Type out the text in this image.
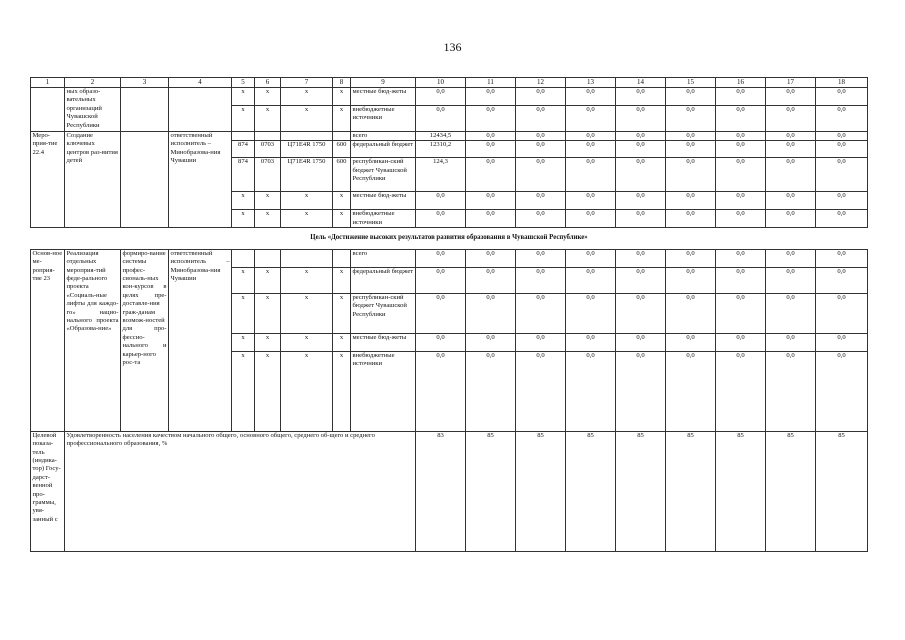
136
1	2	3	4	5	6	7	8	9	10	11	12	13	14	15	16	17	18
	ных образо-вательных организаций Чувашской Республики			x	x	x	x	местные бюд-жеты	0,0	0,0	0,0	0,0	0,0	0,0	0,0	0,0	0,0
				x	x	x	x	внебюджетные источники	0,0	0,0	0,0	0,0	0,0	0,0	0,0	0,0	0,0
Меро-прия-тие 22.4	Создание ключевых центров раз-вития детей		ответственный исполнитель – Минобразова-ния Чувашии					всего	12434,5	0,0	0,0	0,0	0,0	0,0	0,0	0,0	0,0
				874	0703	Ц71Е4R 1750	600	федеральный бюджет	12310,2	0,0	0,0	0,0	0,0	0,0	0,0	0,0	0,0
				874	0703	Ц71Е4R 1750	600	республикан-ский бюджет Чувашской Республики	124,3	0,0	0,0	0,0	0,0	0,0	0,0	0,0	0,0
				x	x	x	x	местные бюд-жеты	0,0	0,0	0,0	0,0	0,0	0,0	0,0	0,0	0,0
				x	x	x	x	внебюджетные источники	0,0	0,0	0,0	0,0	0,0	0,0	0,0	0,0	0,0
Цель «Достижение высоких результатов развития образования в Чувашской Республике»																	
Основ-ное ме-роприя-тие 23	Реализация отдельных мероприя-тий феде-рального проекта «Социаль-ные лифты для каждо-го» нацио-нального проекта «Образова-ние»	формиро-вание системы профес-сиональ-ных кон-курсов в целях пре-доставле-ния граж-данам возмож-ностей для про-фессио-нального и карьер-ного рос-та	ответственный исполнитель – Минобразова-ния Чувашии					всего	0,0	0,0	0,0	0,0	0,0	0,0	0,0	0,0	0,0
				x	x	x	x	федеральный бюджет	0,0	0,0	0,0	0,0	0,0	0,0	0,0	0,0	0,0
				x	x	x	x	республикан-ский бюджет Чувашской Республики	0,0	0,0	0,0	0,0	0,0	0,0	0,0	0,0	0,0
				x	x	x	x	местные бюд-жеты	0,0	0,0	0,0	0,0	0,0	0,0	0,0	0,0	0,0
				x	x	x	x	внебюджетные источники	0,0	0,0	0,0	0,0	0,0	0,0	0,0	0,0	0,0
Целевой показа-тель (индика-тор) Госу-дарст-венной про-граммы, увя-занный с	Удовлетворенность населения качеством начального общего, основного общего, среднего об-щего и среднего профессионального образования, %								83	85	85	85	85	85	85	85	85
